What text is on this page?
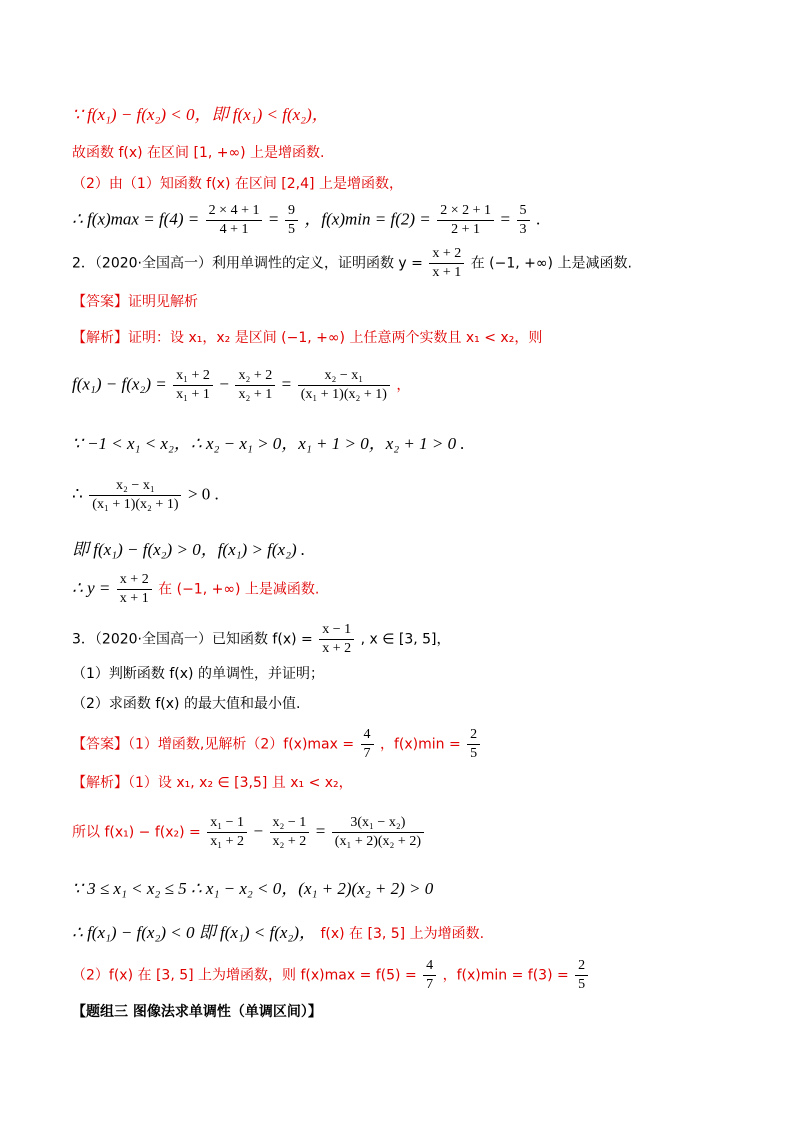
∵ f(x₁) − f(x₂) < 0，即 f(x₁) < f(x₂)，
故函数 f(x) 在区间 [1, +∞) 上是增函数.
（2）由（1）知函数 f(x) 在区间 [2,4] 上是增函数，
∴ $f(x)\max = f(4) = \frac{2 \times 4 + 1}{4 + 1} = \frac{9}{5}$ ，$f(x)\min = f(2) = \frac{2 \times 2 + 1}{2 + 1} = \frac{5}{3}$ .
2．（2020·全国高一）利用单调性的定义，证明函数 $y = \frac{x + 2}{x + 1}$ 在 (−1, +∞) 上是减函数.
【答案】证明见解析
【解析】证明：设 x₁，x₂ 是区间 (−1, +∞) 上任意两个实数且 x₁ < x₂，则
$f(x_1) - f(x_2) = \frac{\text{x₁ + 2}}{\text{x₁ + 1}} - \frac{\text{x₂ + 2}}{\text{x₂ + 1}} = \frac{\text{x₂ − x₁}}{\text{(x₁ + 1)(x₂ + 1)}}$ ，
∵ −1 < x₁ < x₂，∴ x₂ − x₁ > 0，x₁ + 1 > 0，x₂ + 1 > 0 .
∴ $\frac{\text{x₂ − x₁}}{\text{(x₁ + 1)(x₂ + 1)}} > 0$ .
即 f(x₁) − f(x₂) > 0，f(x₁) > f(x₂) .
∴ $y = \frac{x + 2}{x + 1}$ 在 (−1, +∞) 上是减函数.
3．（2020·全国高一）已知函数 $f(x) = \frac{x - 1}{x + 2}$ , x ∈ [3, 5]，
（1）判断函数 f(x) 的单调性，并证明；
（2）求函数 f(x) 的最大值和最小值.
【答案】（1）增函数,见解析$(2)f(x)\max = \frac{4}{7}$ ，$f(x)\min = \frac{2}{5}$
【解析】（1）设 x₁, x₂ ∈ [3,5] 且 x₁ < x₂，
所以 $f(x_1) - f(x_2) = \frac{\text{x₁ − 1}}{\text{x₁ + 2}} - \frac{\text{x₂ − 1}}{\text{x₂ + 2}} = \frac{\text{3(x₁ − x₂)}}{\text{(x₁ + 2)(x₂ + 2)}}$
∵ 3 ≤ x₁ < x₂ ≤ 5 ∴ x₁ − x₂ < 0，(x₁ + 2)(x₂ + 2) > 0
∴ f(x₁) − f(x₂) < 0 即 f(x₁) < f(x₂)， f(x) 在 [3, 5] 上为增函数.
（2）f(x) 在 [3, 5] 上为增函数，则 $f(x)\max = f(5) = \frac{4}{7}$ ，$f(x)\min = f(3) = \frac{2}{5}$
【题组三 图像法求单调性（单调区间）】
